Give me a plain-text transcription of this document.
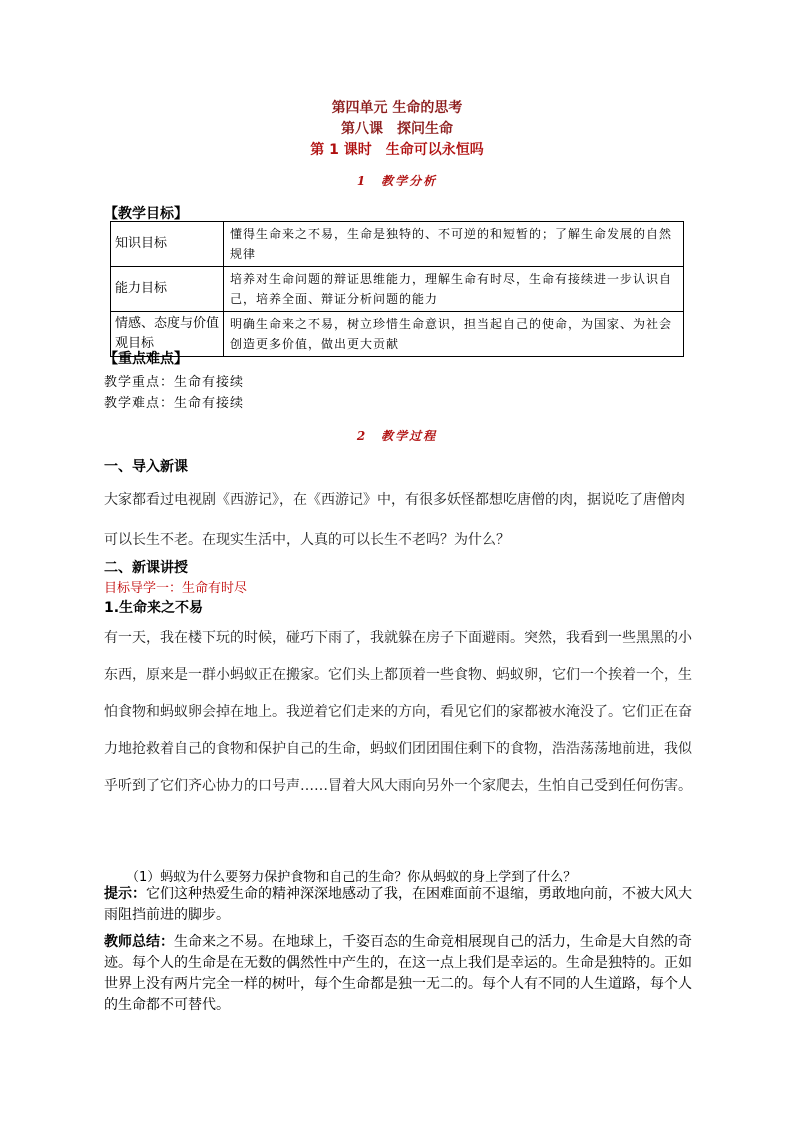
第四单元 生命的思考
第八课　探问生命
第 1 课时　生命可以永恒吗
1　教学分析
【教学目标】
知识目标	懂得生命来之不易，生命是独特的、不可逆的和短暂的；了解生命发展的自然规律
能力目标	培养对生命问题的辩证思维能力，理解生命有时尽，生命有接续进一步认识自己，培养全面、辩证分析问题的能力
情感、态度与价值观目标	明确生命来之不易，树立珍惜生命意识，担当起自己的使命，为国家、为社会创造更多价值，做出更大贡献
【重点难点】
教学重点：生命有接续
教学难点：生命有接续
2　教学过程
一、导入新课
大家都看过电视剧《西游记》，在《西游记》中，有很多妖怪都想吃唐僧的肉，据说吃了唐僧肉可以长生不老。在现实生活中，人真的可以长生不老吗？为什么？
二、新课讲授
目标导学一：生命有时尽
1.生命来之不易
有一天，我在楼下玩的时候，碰巧下雨了，我就躲在房子下面避雨。突然，我看到一些黑黑的小东西，原来是一群小蚂蚁正在搬家。它们头上都顶着一些食物、蚂蚁卵，它们一个挨着一个，生怕食物和蚂蚁卵会掉在地上。我逆着它们走来的方向，看见它们的家都被水淹没了。它们正在奋力地抢救着自己的食物和保护自己的生命，蚂蚁们团团围住剩下的食物，浩浩荡荡地前进，我似乎听到了它们齐心协力的口号声……冒着大风大雨向另外一个家爬去，生怕自己受到任何伤害。
（1）蚂蚁为什么要努力保护食物和自己的生命？你从蚂蚁的身上学到了什么？
提示：它们这种热爱生命的精神深深地感动了我，在困难面前不退缩，勇敢地向前，不被大风大雨阻挡前进的脚步。
教师总结：生命来之不易。在地球上，千姿百态的生命竞相展现自己的活力，生命是大自然的奇迹。每个人的生命是在无数的偶然性中产生的，在这一点上我们是幸运的。生命是独特的。正如世界上没有两片完全一样的树叶，每个生命都是独一无二的。每个人有不同的人生道路，每个人的生命都不可替代。
